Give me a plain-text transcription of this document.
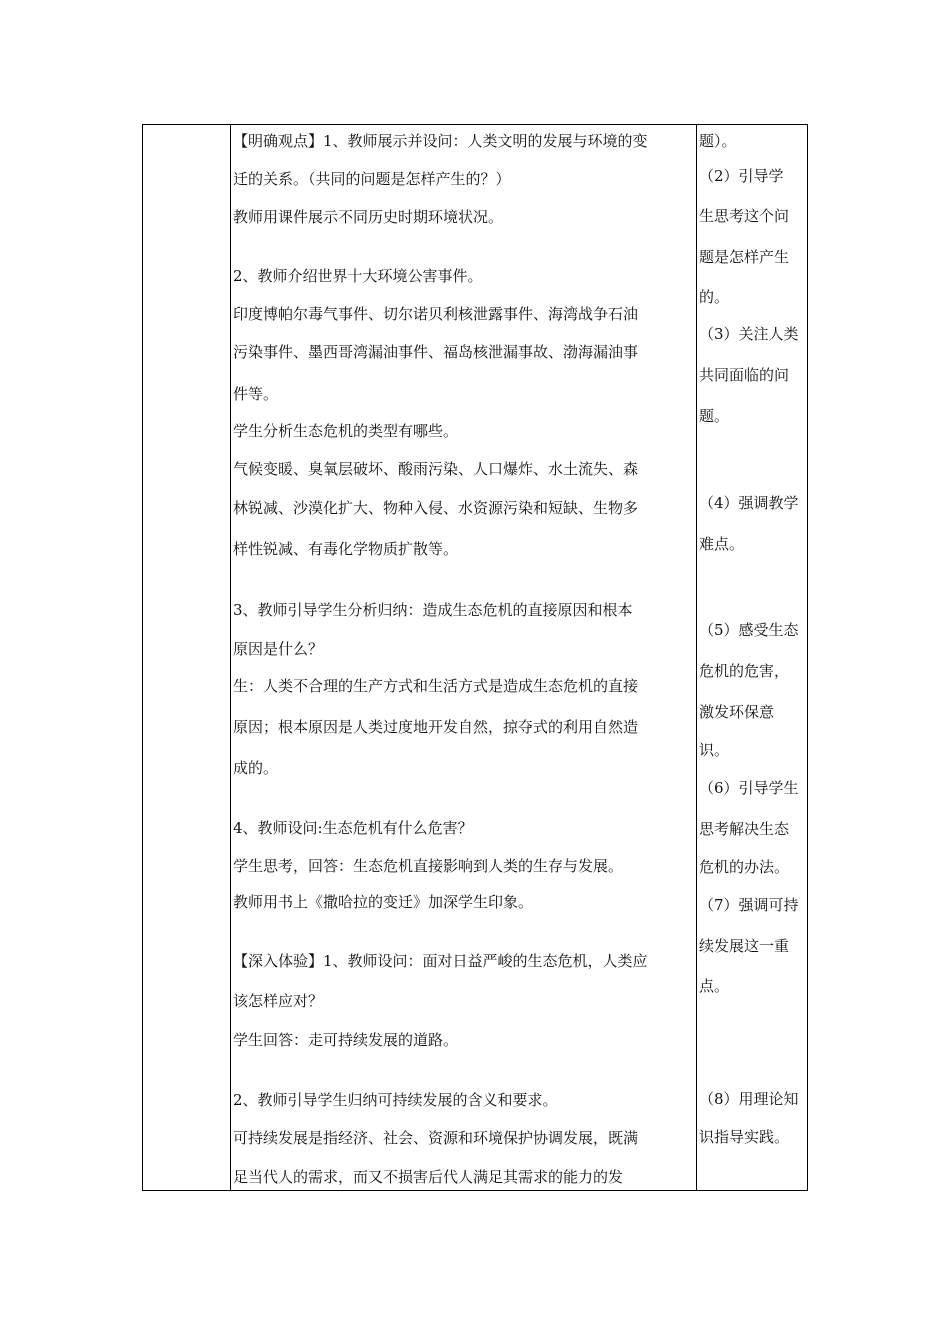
【明确观点】1、教师展示并设问：人类文明的发展与环境的变
迁的关系。（共同的问题是怎样产生的？）
教师用课件展示不同历史时期环境状况。
2、教师介绍世界十大环境公害事件。
印度博帕尔毒气事件、切尔诺贝利核泄露事件、海湾战争石油
污染事件、墨西哥湾漏油事件、福岛核泄漏事故、渤海漏油事
件等。
学生分析生态危机的类型有哪些。
气候变暖、臭氧层破坏、酸雨污染、人口爆炸、水土流失、森
林锐减、沙漠化扩大、物种入侵、水资源污染和短缺、生物多
样性锐减、有毒化学物质扩散等。
3、教师引导学生分析归纳：造成生态危机的直接原因和根本
原因是什么？
生：人类不合理的生产方式和生活方式是造成生态危机的直接
原因；根本原因是人类过度地开发自然，掠夺式的利用自然造
成的。
4、教师设问:生态危机有什么危害？
学生思考，回答：生态危机直接影响到人类的生存与发展。
教师用书上《撒哈拉的变迁》加深学生印象。
【深入体验】1、教师设问：面对日益严峻的生态危机，人类应
该怎样应对？
学生回答：走可持续发展的道路。
2、教师引导学生归纳可持续发展的含义和要求。
可持续发展是指经济、社会、资源和环境保护协调发展，既满
足当代人的需求，而又不损害后代人满足其需求的能力的发
题）。
（2）引导学
生思考这个问
题是怎样产生
的。
（3）关注人类
共同面临的问
题。
（4）强调教学
难点。
（5）感受生态
危机的危害，
激发环保意
识。
（6）引导学生
思考解决生态
危机的办法。
（7）强调可持
续发展这一重
点。
（8）用理论知
识指导实践。
